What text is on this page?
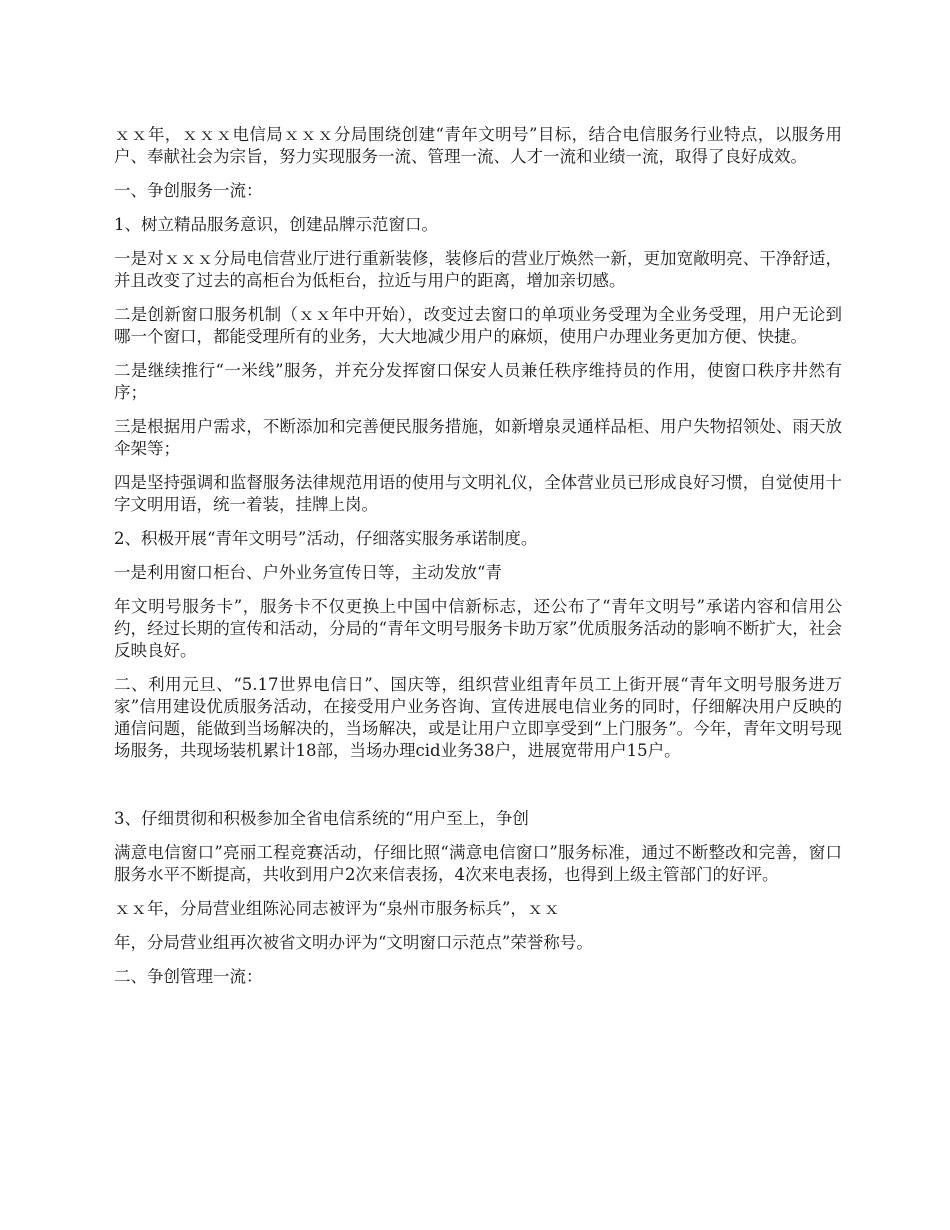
ｘｘ年，ｘｘｘ电信局ｘｘｘ分局围绕创建“青年文明号”目标，结合电信服务行业特点，以服务用户、奉献社会为宗旨，努力实现服务一流、管理一流、人才一流和业绩一流，取得了良好成效。

一、争创服务一流：

1、树立精品服务意识，创建品牌示范窗口。

一是对ｘｘｘ分局电信营业厅进行重新装修，装修后的营业厅焕然一新，更加宽敞明亮、干净舒适，并且改变了过去的高柜台为低柜台，拉近与用户的距离，增加亲切感。

二是创新窗口服务机制（ｘｘ年中开始），改变过去窗口的单项业务受理为全业务受理，用户无论到哪一个窗口，都能受理所有的业务，大大地减少用户的麻烦，使用户办理业务更加方便、快捷。

二是继续推行“一米线”服务，并充分发挥窗口保安人员兼任秩序维持员的作用，使窗口秩序井然有序；

三是根据用户需求，不断添加和完善便民服务措施，如新增泉灵通样品柜、用户失物招领处、雨天放伞架等；

四是坚持强调和监督服务法律规范用语的使用与文明礼仪，全体营业员已形成良好习惯，自觉使用十字文明用语，统一着装，挂牌上岗。

2、积极开展“青年文明号”活动，仔细落实服务承诺制度。

一是利用窗口柜台、户外业务宣传日等，主动发放“青

年文明号服务卡”，服务卡不仅更换上中国中信新标志，还公布了“青年文明号”承诺内容和信用公约，经过长期的宣传和活动，分局的“青年文明号服务卡助万家”优质服务活动的影响不断扩大，社会反映良好。

二、利用元旦、“5.17世界电信日”、国庆等，组织营业组青年员工上街开展“青年文明号服务进万家”信用建设优质服务活动，在接受用户业务咨询、宣传进展电信业务的同时，仔细解决用户反映的通信问题，能做到当场解决的，当场解决，或是让用户立即享受到“上门服务”。今年，青年文明号现场服务，共现场装机累计18部，当场办理cid业务38户，进展宽带用户15户。

3、仔细贯彻和积极参加全省电信系统的“用户至上，争创

满意电信窗口”亮丽工程竞赛活动，仔细比照“满意电信窗口”服务标准，通过不断整改和完善，窗口服务水平不断提高，共收到用户2次来信表扬，4次来电表扬，也得到上级主管部门的好评。

ｘｘ年，分局营业组陈沁同志被评为“泉州市服务标兵”，ｘｘ

年，分局营业组再次被省文明办评为“文明窗口示范点”荣誉称号。

二、争创管理一流：
